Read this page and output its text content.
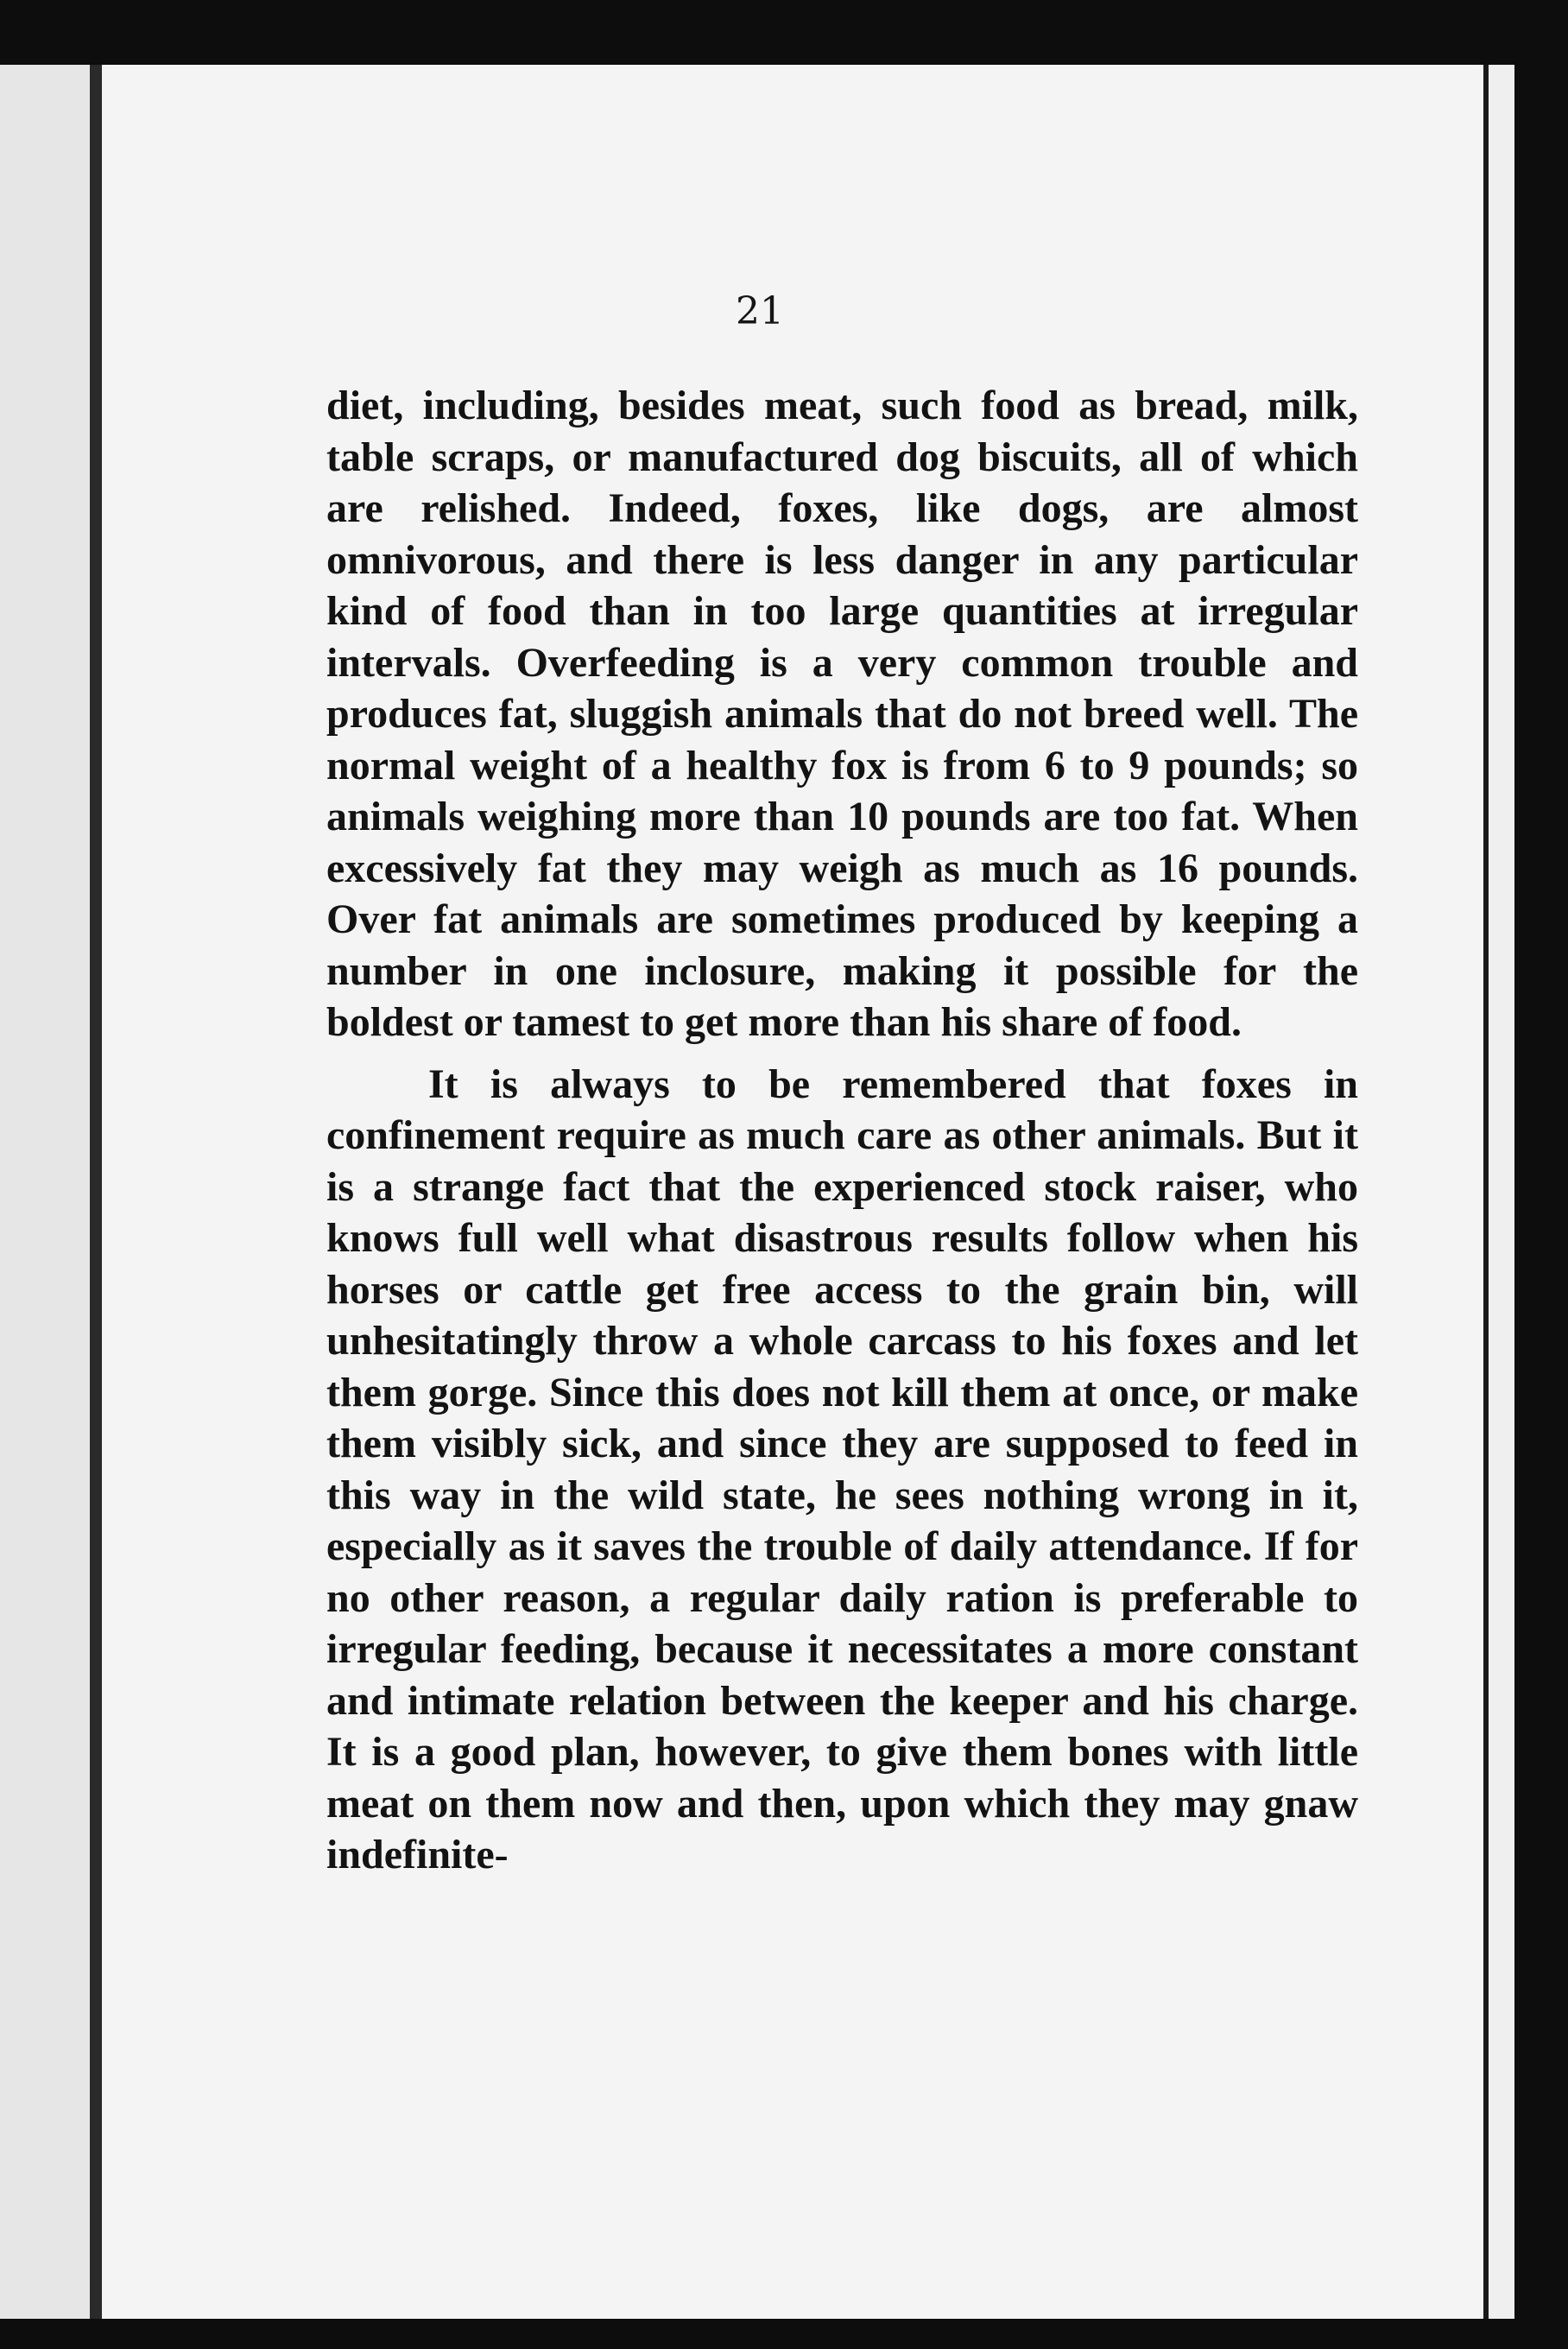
21

diet, including, besides meat, such food as bread, milk, table scraps, or manufactured dog biscuits, all of which are relished. Indeed, foxes, like dogs, are almost omnivorous, and there is less danger in any particular kind of food than in too large quantities at irregular intervals. Overfeeding is a very common trouble and produces fat, sluggish animals that do not breed well. The normal weight of a healthy fox is from 6 to 9 pounds; so animals weighing more than 10 pounds are too fat. When excessively fat they may weigh as much as 16 pounds. Over fat animals are sometimes produced by keeping a number in one inclosure, making it possible for the boldest or tamest to get more than his share of food.

It is always to be remembered that foxes in confinement require as much care as other animals. But it is a strange fact that the experienced stock raiser, who knows full well what disastrous results follow when his horses or cattle get free access to the grain bin, will unhesitatingly throw a whole carcass to his foxes and let them gorge. Since this does not kill them at once, or make them visibly sick, and since they are supposed to feed in this way in the wild state, he sees nothing wrong in it, especially as it saves the trouble of daily attendance. If for no other reason, a regular daily ration is preferable to irregular feeding, because it necessitates a more constant and intimate relation between the keeper and his charge. It is a good plan, however, to give them bones with little meat on them now and then, upon which they may gnaw indefinite-
